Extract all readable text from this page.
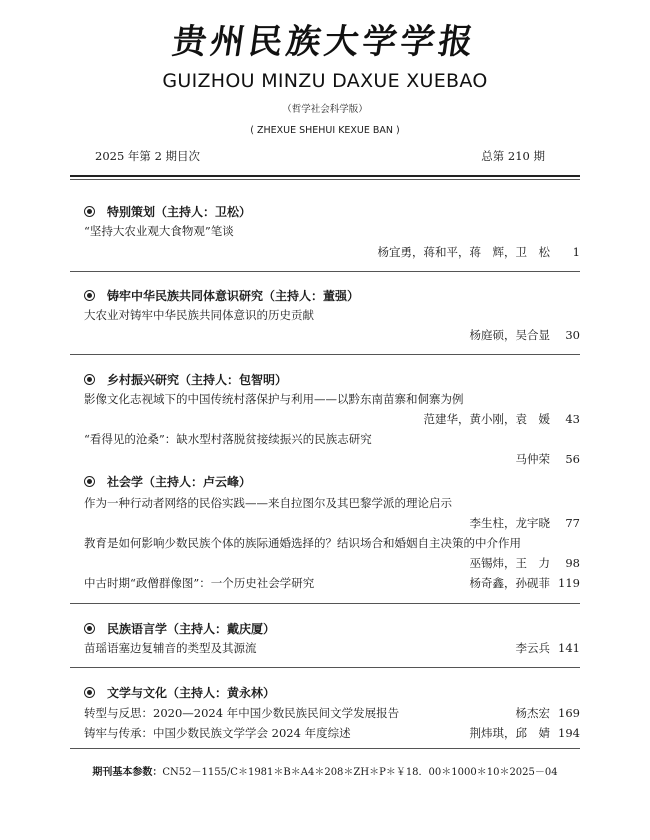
贵州民族大学学报
GUIZHOU MINZU DAXUE XUEBAO
（哲学社会科学版）
( ZHEXUE SHEHUI KEXUE BAN )
2025 年第 2 期目次	总第 210 期
特别策划（主持人：卫松）
“坚持大农业观大食物观”笔谈
杨宜勇，蒋和平，蒋　辉，卫　松 1
铸牢中华民族共同体意识研究（主持人：董强）
大农业对铸牢中华民族共同体意识的历史贡献
杨庭硕，吴合显 30
乡村振兴研究（主持人：包智明）
影像文化志视域下的中国传统村落保护与利用——以黔东南苗寨和侗寨为例
范建华，黄小刚，袁　媛 43
“看得见的沧桑”：缺水型村落脱贫接续振兴的民族志研究
马仲荣 56
社会学（主持人：卢云峰）
作为一种行动者网络的民俗实践——来自拉图尔及其巴黎学派的理论启示
李生柱，龙宇晓 77
教育是如何影响少数民族个体的族际通婚选择的？结识场合和婚姻自主决策的中介作用
巫锡炜，王　力 98
中古时期“政僧群像图”：一个历史社会学研究	杨奇鑫，孙砚菲 119
民族语言学（主持人：戴庆厦）
苗瑶语塞边复辅音的类型及其源流	李云兵 141
文学与文化（主持人：黄永林）
转型与反思：2020—2024 年中国少数民族民间文学发展报告	杨杰宏 169
铸牢与传承：中国少数民族文学学会 2024 年度综述	荆炜琪，邱　婧 194
期刊基本参数：CN52－1155/C＊1981＊B＊A4＊208＊ZH＊P＊￥18．00＊1000＊10＊2025－04
